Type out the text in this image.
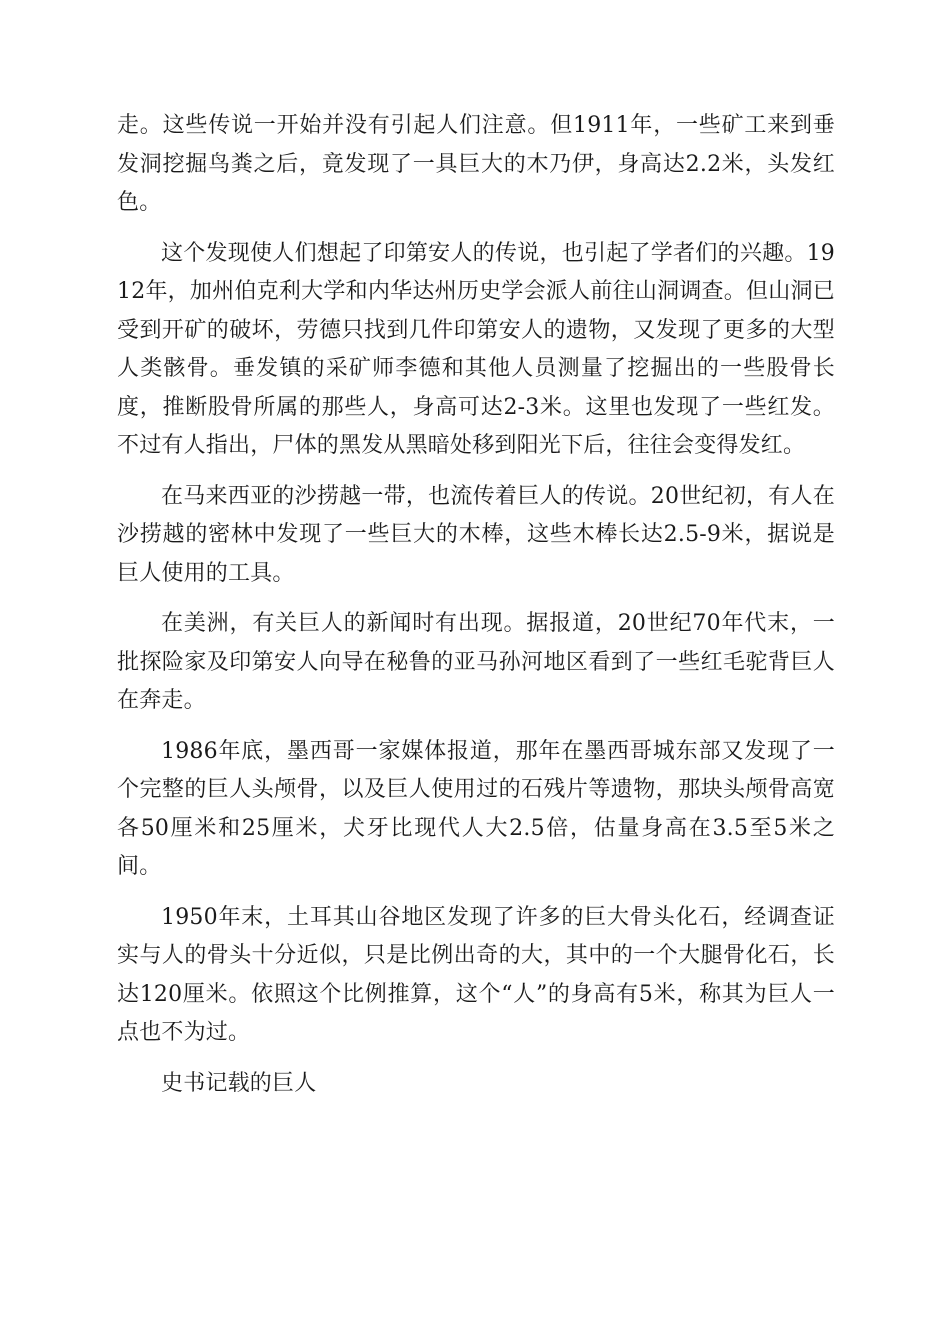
走。这些传说一开始并没有引起人们注意。但1911年，一些矿工来到垂发洞挖掘鸟粪之后，竟发现了一具巨大的木乃伊，身高达2.2米，头发红色。

这个发现使人们想起了印第安人的传说，也引起了学者们的兴趣。1912年，加州伯克利大学和内华达州历史学会派人前往山洞调查。但山洞已受到开矿的破坏，劳德只找到几件印第安人的遗物，又发现了更多的大型人类骸骨。垂发镇的采矿师李德和其他人员测量了挖掘出的一些股骨长度，推断股骨所属的那些人，身高可达2-3米。这里也发现了一些红发。不过有人指出，尸体的黑发从黑暗处移到阳光下后，往往会变得发红。

在马来西亚的沙捞越一带，也流传着巨人的传说。20世纪初，有人在沙捞越的密林中发现了一些巨大的木棒，这些木棒长达2.5-9米，据说是巨人使用的工具。

在美洲，有关巨人的新闻时有出现。据报道，20世纪70年代末，一批探险家及印第安人向导在秘鲁的亚马孙河地区看到了一些红毛驼背巨人在奔走。

1986年底，墨西哥一家媒体报道，那年在墨西哥城东部又发现了一个完整的巨人头颅骨，以及巨人使用过的石残片等遗物，那块头颅骨高宽各50厘米和25厘米，犬牙比现代人大2.5倍，估量身高在3.5至5米之间。

1950年末，土耳其山谷地区发现了许多的巨大骨头化石，经调查证实与人的骨头十分近似，只是比例出奇的大，其中的一个大腿骨化石，长达120厘米。依照这个比例推算，这个“人”的身高有5米，称其为巨人一点也不为过。

史书记载的巨人
